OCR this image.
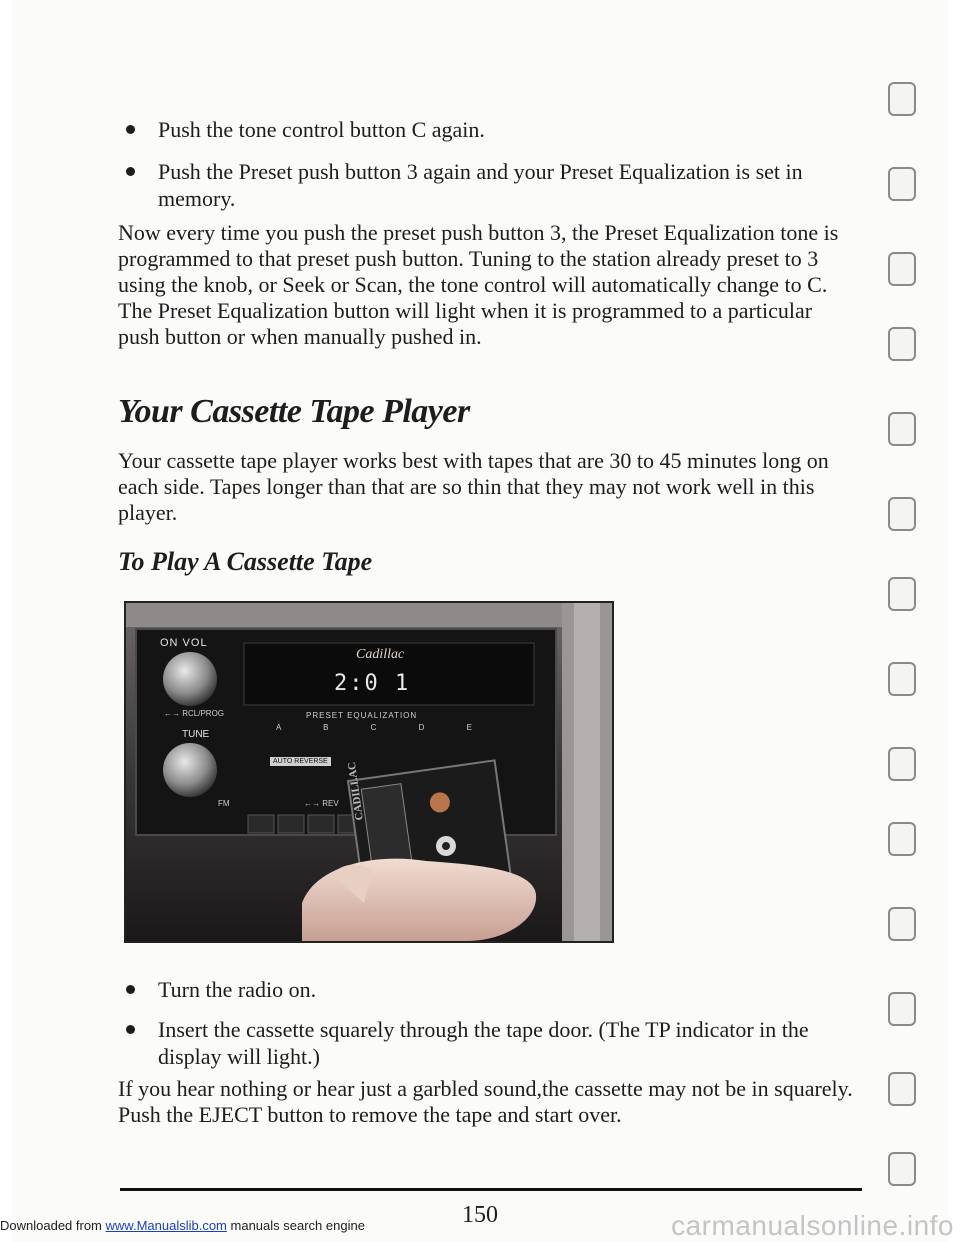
Push the tone control button C again.
Push the Preset push button 3 again and your Preset Equalization is set in memory.
Now every time you push the preset push button 3, the Preset Equalization tone is programmed to that preset push button. Tuning to the station already preset to 3 using the knob, or Seek or Scan, the tone control will automatically change to C. The Preset Equalization button will light when it is programmed to a particular push button or when manually pushed in.
Your Cassette Tape Player
Your cassette tape player works best with tapes that are 30 to 45 minutes long on each side. Tapes longer than that are so thin that they may not work well in this player.
To Play A Cassette Tape
ON VOL
←→ RCL/PROG
TUNE
Cadillac
2:0 1
PRESET EQUALIZATION
A B C D E
AUTO REVERSE
←→ REV
FM	CADILLAC
Turn the radio on.
Insert the cassette squarely through the tape door. (The TP indicator in the display will light.)
If you hear nothing or hear just a garbled sound,the cassette may not be in squarely. Push the EJECT button to remove the tape and start over.
150
Downloaded from www.Manualslib.com manuals search engine	carmanualsonline.info
